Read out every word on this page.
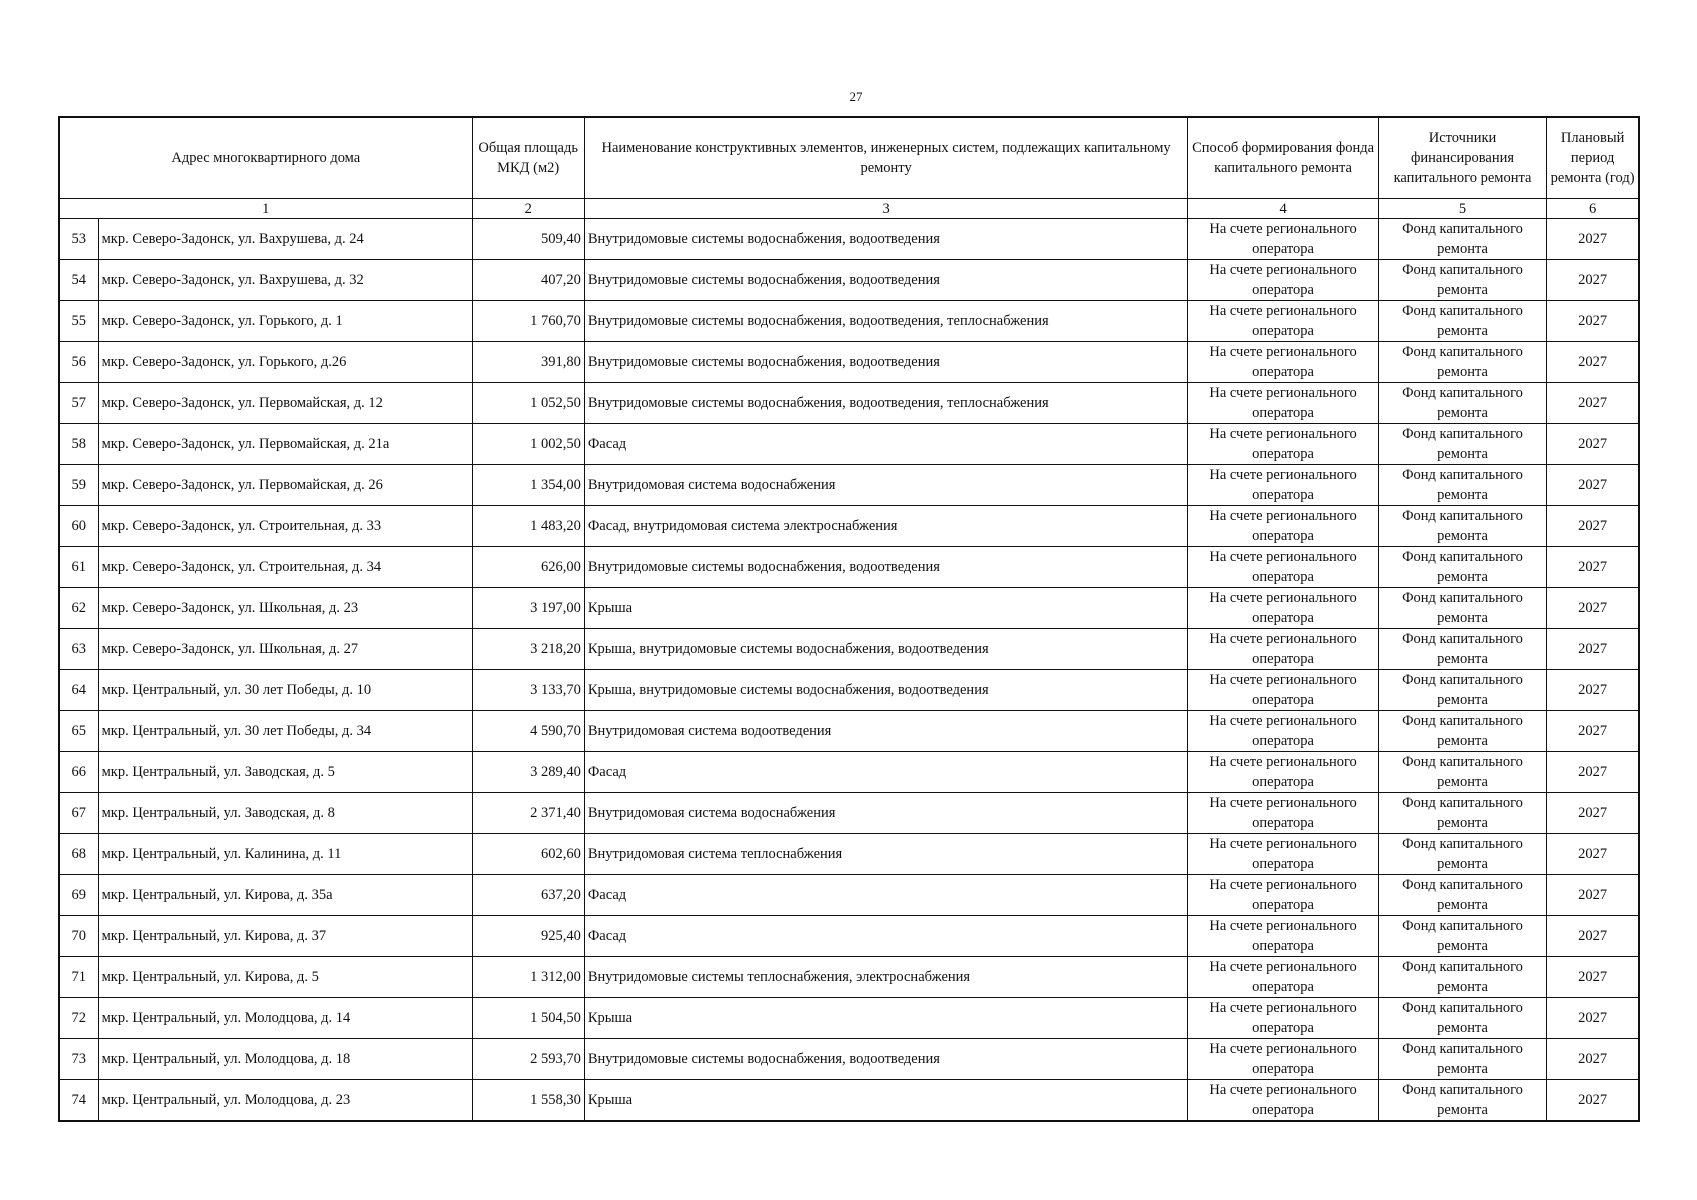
27
Адрес многоквартирного дома		Общая площадь МКД (м2)	Наименование конструктивных элементов, инженерных систем, подлежащих капитальному ремонту	Способ формирования фонда капитального ремонта	Источники финансирования капитального ремонта	Плановый период ремонта (год)
1		2	3	4	5	6
53	мкр. Северо-Задонск, ул. Вахрушева, д. 24	509,40	Внутридомовые системы водоснабжения, водоотведения	На счете регионального оператора	Фонд капитального ремонта	2027
54	мкр. Северо-Задонск, ул. Вахрушева, д. 32	407,20	Внутридомовые системы водоснабжения, водоотведения	На счете регионального оператора	Фонд капитального ремонта	2027
55	мкр. Северо-Задонск, ул. Горького, д. 1	1 760,70	Внутридомовые системы водоснабжения, водоотведения, теплоснабжения	На счете регионального оператора	Фонд капитального ремонта	2027
56	мкр. Северо-Задонск, ул. Горького, д.26	391,80	Внутридомовые системы водоснабжения, водоотведения	На счете регионального оператора	Фонд капитального ремонта	2027
57	мкр. Северо-Задонск, ул. Первомайская, д. 12	1 052,50	Внутридомовые системы водоснабжения, водоотведения, теплоснабжения	На счете регионального оператора	Фонд капитального ремонта	2027
58	мкр. Северо-Задонск, ул. Первомайская, д. 21а	1 002,50	Фасад	На счете регионального оператора	Фонд капитального ремонта	2027
59	мкр. Северо-Задонск, ул. Первомайская, д. 26	1 354,00	Внутридомовая система водоснабжения	На счете регионального оператора	Фонд капитального ремонта	2027
60	мкр. Северо-Задонск, ул. Строительная, д. 33	1 483,20	Фасад, внутридомовая система электроснабжения	На счете регионального оператора	Фонд капитального ремонта	2027
61	мкр. Северо-Задонск, ул. Строительная, д. 34	626,00	Внутридомовые системы водоснабжения, водоотведения	На счете регионального оператора	Фонд капитального ремонта	2027
62	мкр. Северо-Задонск, ул. Школьная, д. 23	3 197,00	Крыша	На счете регионального оператора	Фонд капитального ремонта	2027
63	мкр. Северо-Задонск, ул. Школьная, д. 27	3 218,20	Крыша, внутридомовые системы водоснабжения, водоотведения	На счете регионального оператора	Фонд капитального ремонта	2027
64	мкр. Центральный, ул. 30 лет Победы, д. 10	3 133,70	Крыша, внутридомовые системы водоснабжения, водоотведения	На счете регионального оператора	Фонд капитального ремонта	2027
65	мкр. Центральный, ул. 30 лет Победы, д. 34	4 590,70	Внутридомовая система водоотведения	На счете регионального оператора	Фонд капитального ремонта	2027
66	мкр. Центральный, ул. Заводская, д. 5	3 289,40	Фасад	На счете регионального оператора	Фонд капитального ремонта	2027
67	мкр. Центральный, ул. Заводская, д. 8	2 371,40	Внутридомовая система водоснабжения	На счете регионального оператора	Фонд капитального ремонта	2027
68	мкр. Центральный, ул. Калинина, д. 11	602,60	Внутридомовая система теплоснабжения	На счете регионального оператора	Фонд капитального ремонта	2027
69	мкр. Центральный, ул. Кирова, д. 35а	637,20	Фасад	На счете регионального оператора	Фонд капитального ремонта	2027
70	мкр. Центральный, ул. Кирова, д. 37	925,40	Фасад	На счете регионального оператора	Фонд капитального ремонта	2027
71	мкр. Центральный, ул. Кирова, д. 5	1 312,00	Внутридомовые системы теплоснабжения, электроснабжения	На счете регионального оператора	Фонд капитального ремонта	2027
72	мкр. Центральный, ул. Молодцова, д. 14	1 504,50	Крыша	На счете регионального оператора	Фонд капитального ремонта	2027
73	мкр. Центральный, ул. Молодцова, д. 18	2 593,70	Внутридомовые системы водоснабжения, водоотведения	На счете регионального оператора	Фонд капитального ремонта	2027
74	мкр. Центральный, ул. Молодцова, д. 23	1 558,30	Крыша	На счете регионального оператора	Фонд капитального ремонта	2027
